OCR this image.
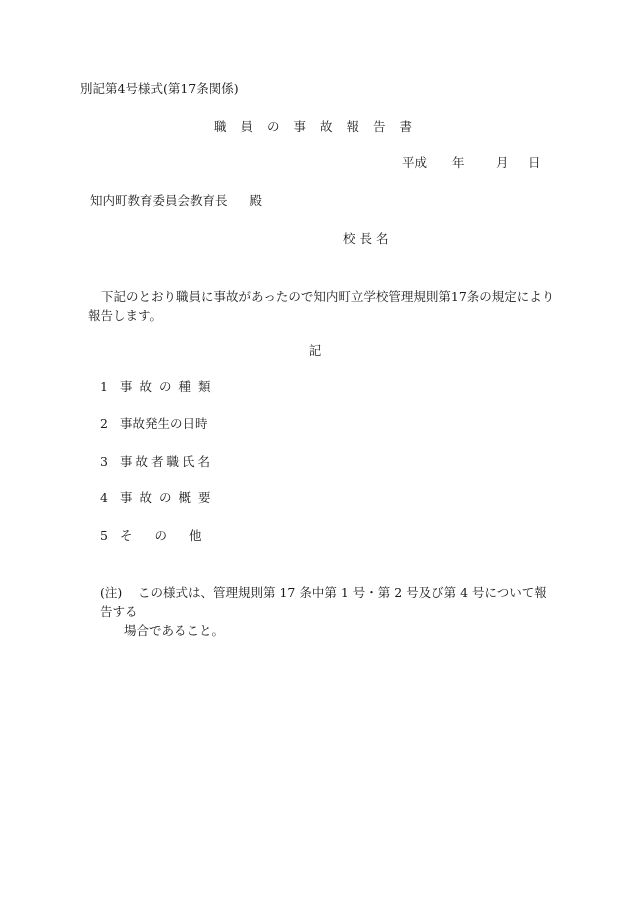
別記第4号様式(第17条関係)
職員の事故報告書
平成	年	月	日
知内町教育委員会教育長 殿
校長名
下記のとおり職員に事故があったので知内町立学校管理規則第17条の規定により報告します。
記
1 事故の種類
2 事故発生の日時
3 事故者職氏名
4 事故の概要
5 その他
(注) この様式は、管理規則第 17 条中第 1 号・第 2 号及び第 4 号について報告する
場合であること。
